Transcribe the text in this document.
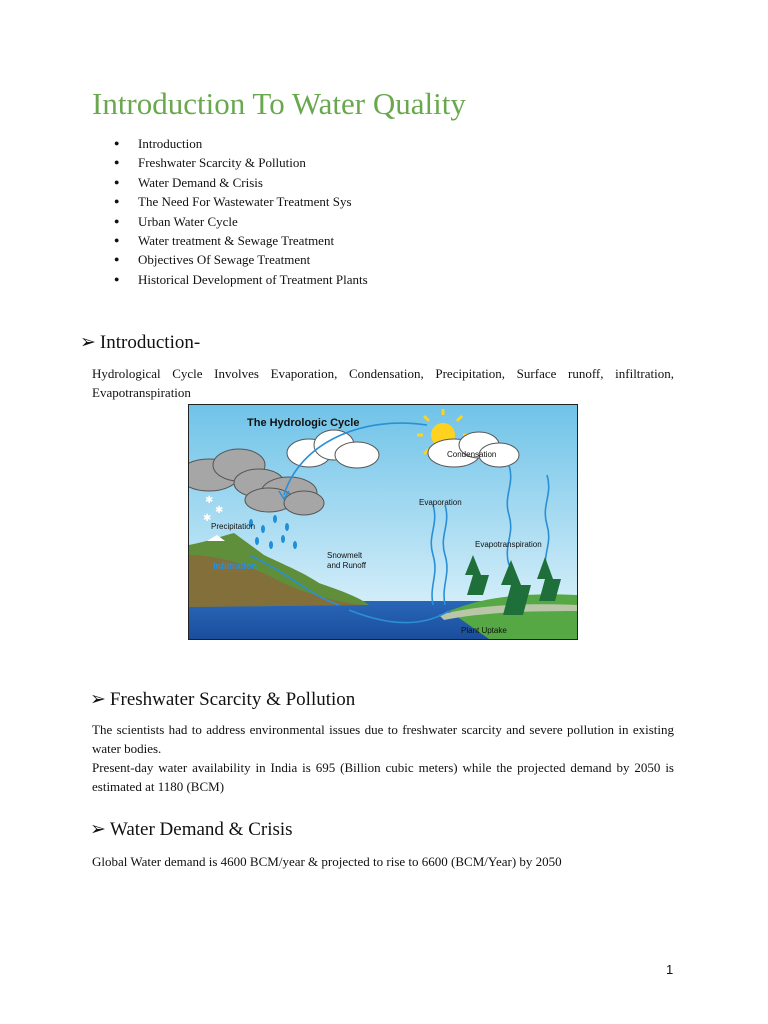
Introduction To Water Quality
● Introduction
● Freshwater Scarcity & Pollution
● Water Demand & Crisis
● The Need For Wastewater Treatment Sys
● Urban Water Cycle
● Water treatment & Sewage Treatment
● Objectives Of Sewage Treatment
● Historical Development of Treatment Plants
➢ Introduction-

Hydrological Cycle Involves Evaporation, Condensation, Precipitation, Surface runoff, infiltration, Evapotranspiration

✱
✱
✱
The Hydrologic Cycle
Condensation
Evaporation
Precipitation
Evapotranspiration
Infiltration
Snowmelt
and Runoff
Plant Uptake
➢ Freshwater Scarcity & Pollution

The scientists had to address environmental issues due to freshwater scarcity and severe pollution in existing water bodies.

Present-day water availability in India is 695 (Billion cubic meters) while the projected demand by 2050 is estimated at 1180 (BCM)

➢ Water Demand & Crisis

Global Water demand is 4600 BCM/year & projected to rise to 6600 (BCM/Year) by 2050

1
